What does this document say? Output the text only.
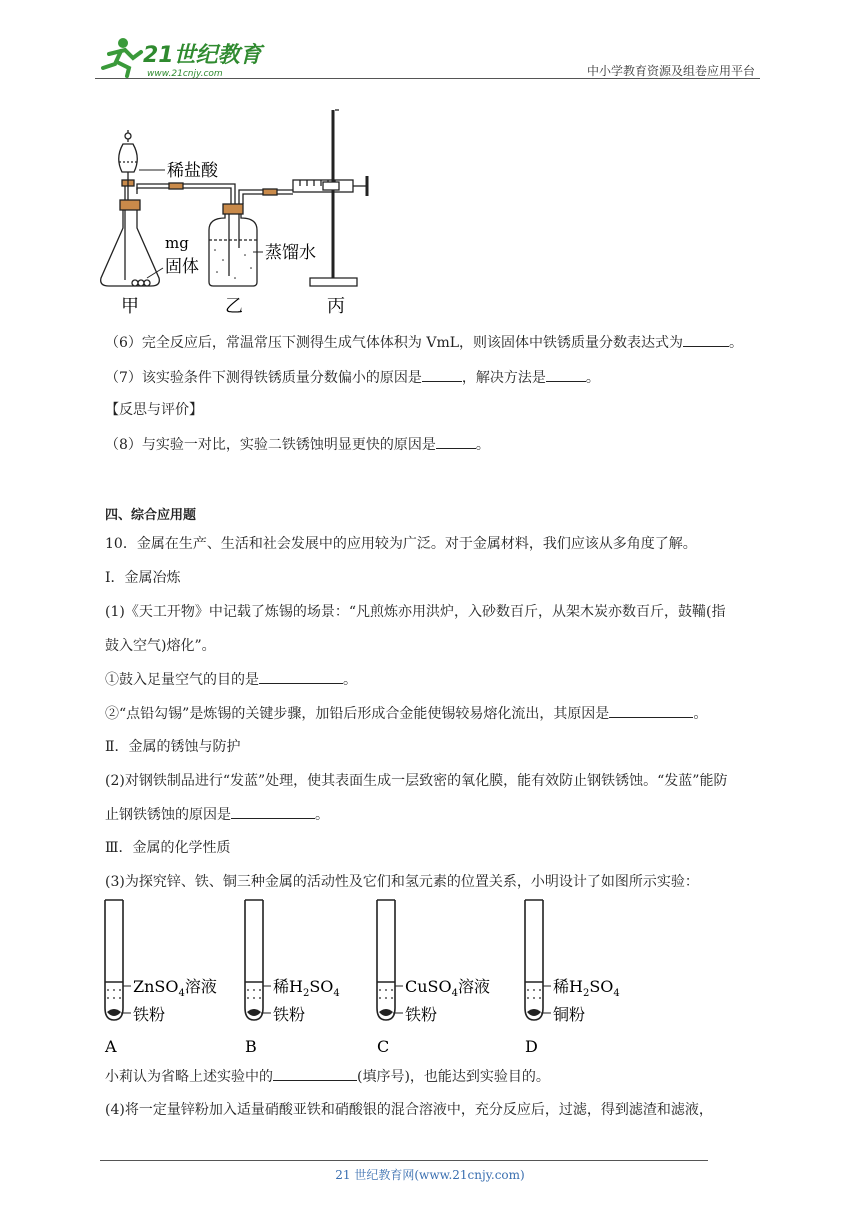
21世纪教育
www.21cnjy.com	中小学教育资源及组卷应用平台
稀盐酸
mg
固体
蒸馏水
甲	乙	丙
（6）完全反应后，常温常压下测得生成气体体积为 VmL，则该固体中铁锈质量分数表达式为	。
（7）该实验条件下测得铁锈质量分数偏小的原因是	，解决方法是	。
【反思与评价】
（8）与实验一对比，实验二铁锈蚀明显更快的原因是	。
四、综合应用题
10．金属在生产、生活和社会发展中的应用较为广泛。对于金属材料，我们应该从多角度了解。
Ⅰ．金属冶炼
(1)《天工开物》中记载了炼锡的场景：“凡煎炼亦用洪炉，入砂数百斤，从架木炭亦数百斤，鼓鞴(指
鼓入空气)熔化”。
①鼓入足量空气的目的是	。
②“点铅勾锡”是炼锡的关键步骤，加铅后形成合金能使锡较易熔化流出，其原因是	。
Ⅱ．金属的锈蚀与防护
(2)对钢铁制品进行“发蓝”处理，使其表面生成一层致密的氧化膜，能有效防止钢铁锈蚀。“发蓝”能防
止钢铁锈蚀的原因是	。
Ⅲ．金属的化学性质
(3)为探究锌、铁、铜三种金属的活动性及它们和氢元素的位置关系，小明设计了如图所示实验：
ZnSO$_4$溶液
铁粉
A
稀$H_2SO_4$
铁粉
B
CuSO$_4$溶液
铁粉
C
稀$H_2SO_4$
铜粉
D
小莉认为省略上述实验中的	(填序号)，也能达到实验目的。
(4)将一定量锌粉加入适量硝酸亚铁和硝酸银的混合溶液中，充分反应后，过滤，得到滤渣和滤液，
21 世纪教育网(www.21cnjy.com)
